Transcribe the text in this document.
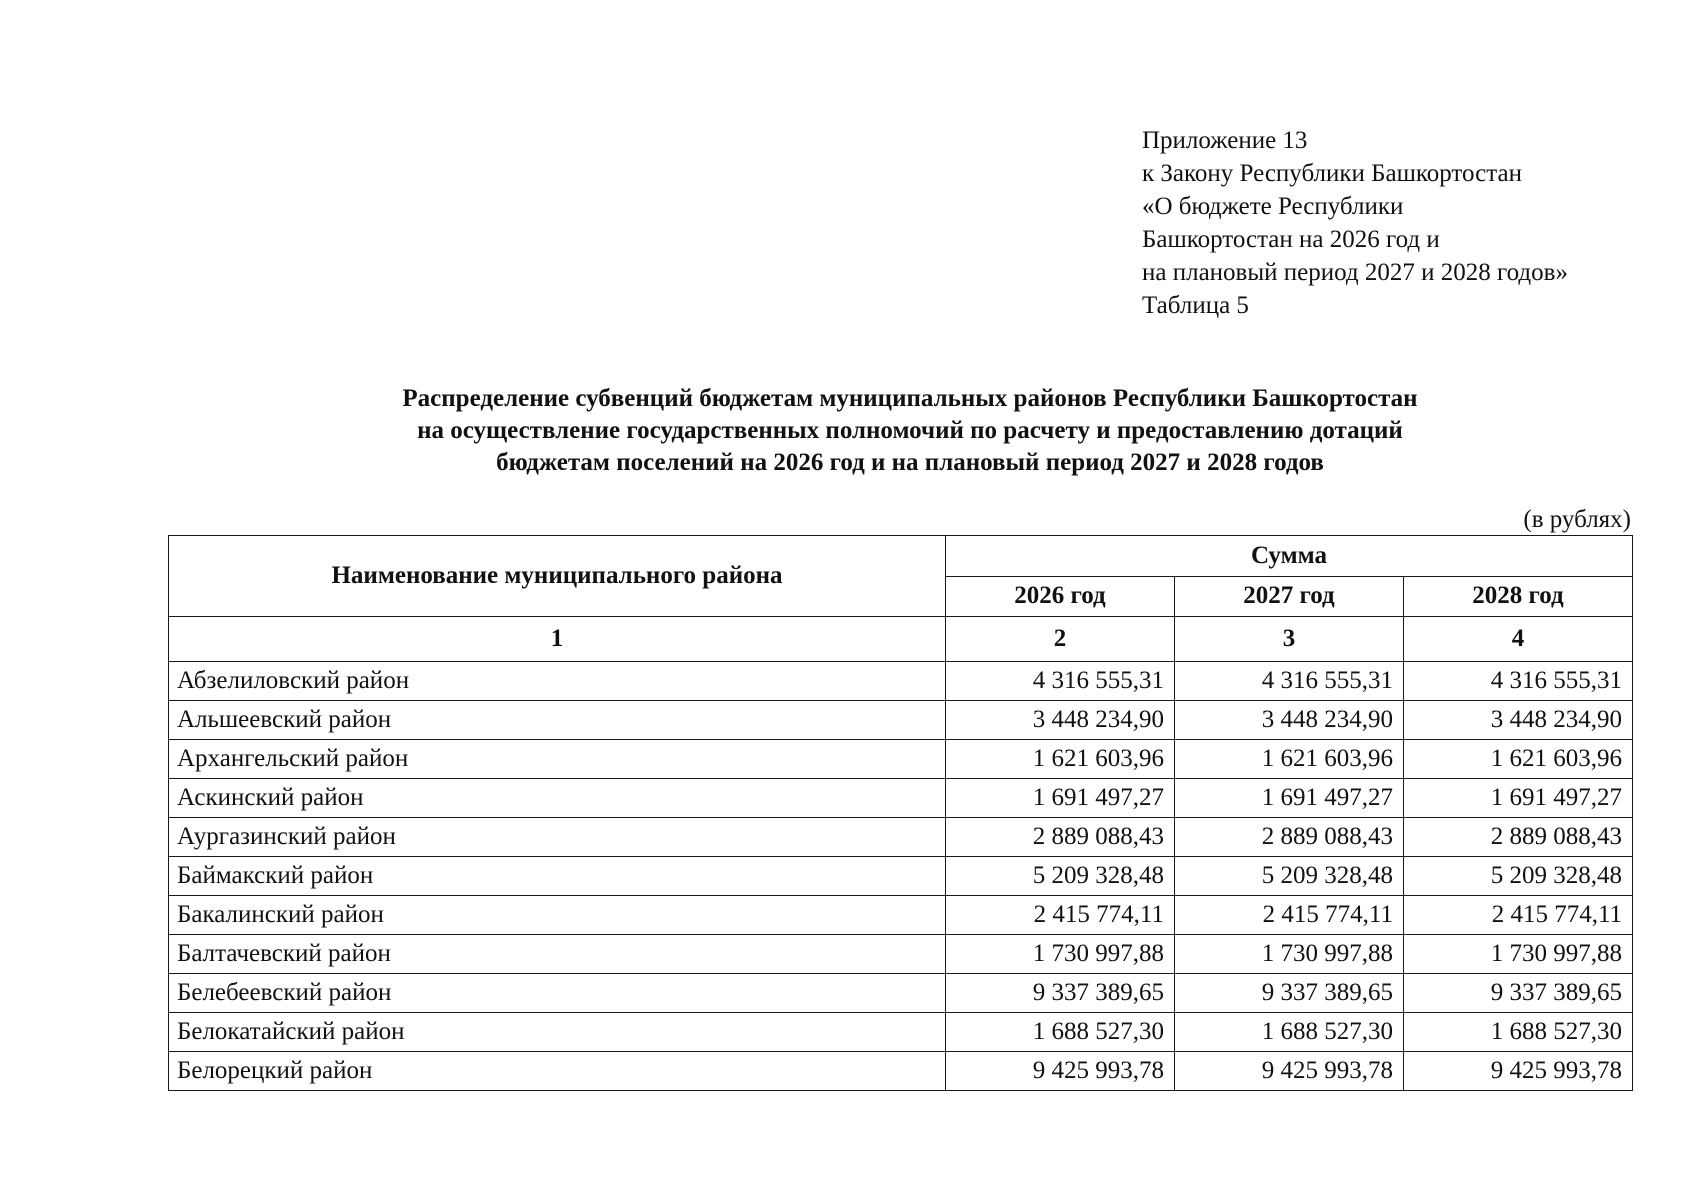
Приложение 13
к Закону Республики Башкортостан
«О бюджете Республики
Башкортостан на 2026 год и
на плановый период 2027 и 2028 годов»
Таблица 5
Распределение субвенций бюджетам муниципальных районов Республики Башкортостан
на осуществление государственных полномочий по расчету и предоставлению дотаций
бюджетам поселений на 2026 год и на плановый период 2027 и 2028 годов
(в рублях)
Наименование муниципального района	Сумма		
	2026 год	2027 год	2028 год
1	2	3	4
Абзелиловский район	4 316 555,31	4 316 555,31	4 316 555,31
Альшеевский район	3 448 234,90	3 448 234,90	3 448 234,90
Архангельский район	1 621 603,96	1 621 603,96	1 621 603,96
Аскинский район	1 691 497,27	1 691 497,27	1 691 497,27
Аургазинский район	2 889 088,43	2 889 088,43	2 889 088,43
Баймакский район	5 209 328,48	5 209 328,48	5 209 328,48
Бакалинский район	2 415 774,11	2 415 774,11	2 415 774,11
Балтачевский район	1 730 997,88	1 730 997,88	1 730 997,88
Белебеевский район	9 337 389,65	9 337 389,65	9 337 389,65
Белокатайский район	1 688 527,30	1 688 527,30	1 688 527,30
Белорецкий район	9 425 993,78	9 425 993,78	9 425 993,78
